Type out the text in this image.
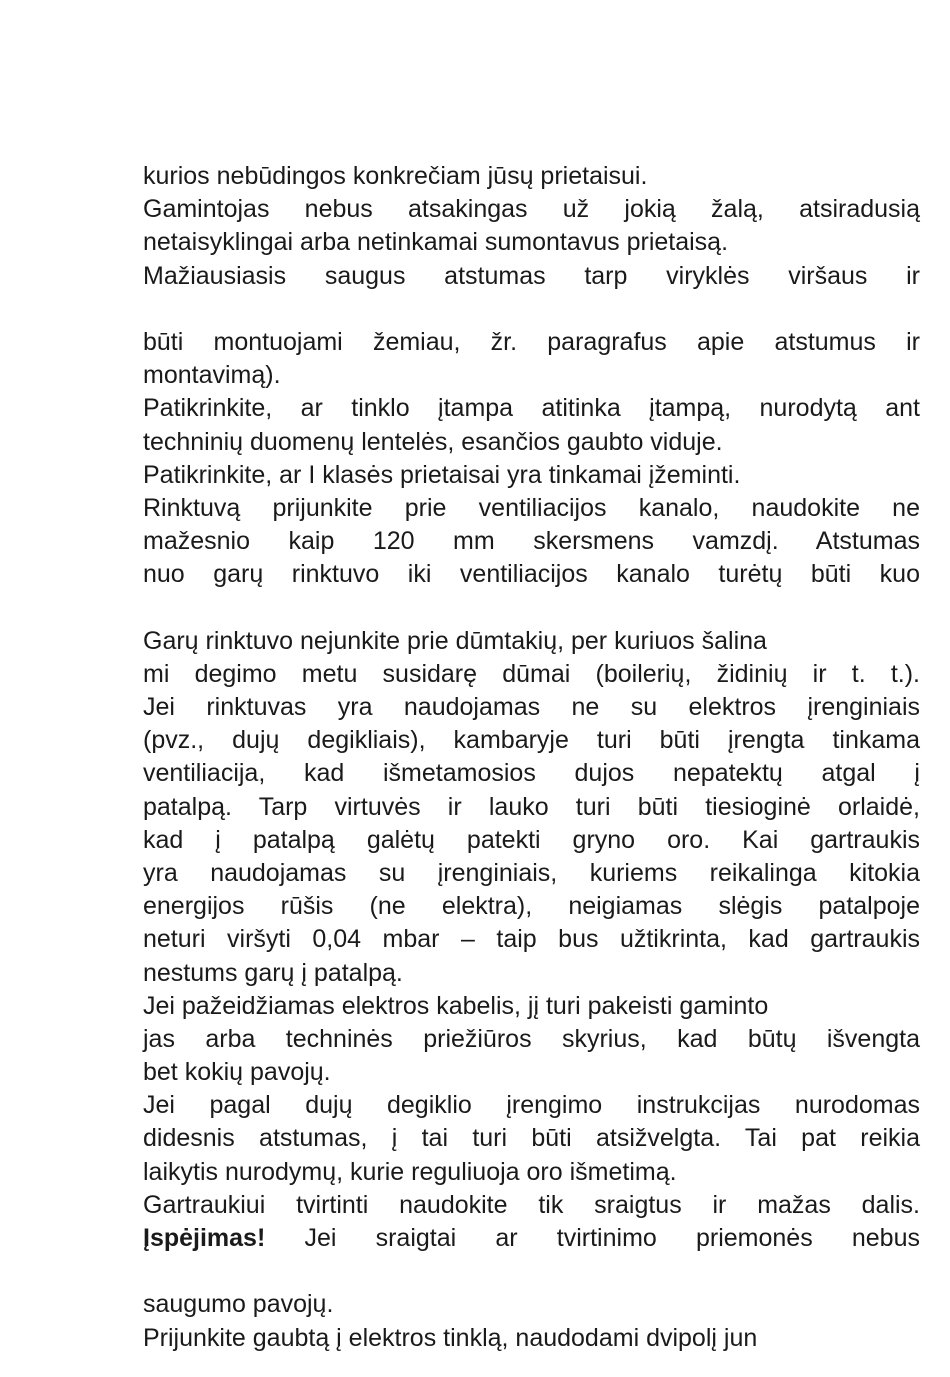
kurios nebūdingos konkrečiam jūsų prietaisui.
Gamintojas nebus atsakingas už jokią žalą, atsiradusią
netaisyklingai arba netinkamai sumontavus prietaisą.
Mažiausiasis saugus atstumas tarp viryklės viršaus ir
būti montuojami žemiau, žr. paragrafus apie atstumus ir
montavimą).
Patikrinkite, ar tinklo įtampa atitinka įtampą, nurodytą ant
techninių duomenų lentelės, esančios gaubto viduje.
Patikrinkite, ar I klasės prietaisai yra tinkamai įžeminti.
Rinktuvą prijunkite prie ventiliacijos kanalo, naudokite ne
mažesnio kaip 120 mm skersmens vamzdį. Atstumas
nuo garų rinktuvo iki ventiliacijos kanalo turėtų būti kuo
Garų rinktuvo nejunkite prie dūmtakių, per kuriuos šalina
mi degimo metu susidarę dūmai (boilerių, židinių ir t. t.).
Jei rinktuvas yra naudojamas ne su elektros įrenginiais
(pvz., dujų degikliais), kambaryje turi būti įrengta tinkama
ventiliacija, kad išmetamosios dujos nepatektų atgal į
patalpą. Tarp virtuvės ir lauko turi būti tiesioginė orlaidė,
kad į patalpą galėtų patekti gryno oro. Kai gartraukis
yra naudojamas su įrenginiais, kuriems reikalinga kitokia
energijos rūšis (ne elektra), neigiamas slėgis patalpoje
neturi viršyti 0,04 mbar – taip bus užtikrinta, kad gartraukis
nestums garų į patalpą.
Jei pažeidžiamas elektros kabelis, jį turi pakeisti gaminto
jas arba techninės priežiūros skyrius, kad būtų išvengta
bet kokių pavojų.
Jei pagal dujų degiklio įrengimo instrukcijas nurodomas
didesnis atstumas, į tai turi būti atsižvelgta. Tai pat reikia
laikytis nurodymų, kurie reguliuoja oro išmetimą.
Gartraukiui tvirtinti naudokite tik sraigtus ir mažas dalis.
Įspėjimas! Jei sraigtai ar tvirtinimo priemonės nebus
saugumo pavojų.
Prijunkite gaubtą į elektros tinklą, naudodami dvipolį jun
